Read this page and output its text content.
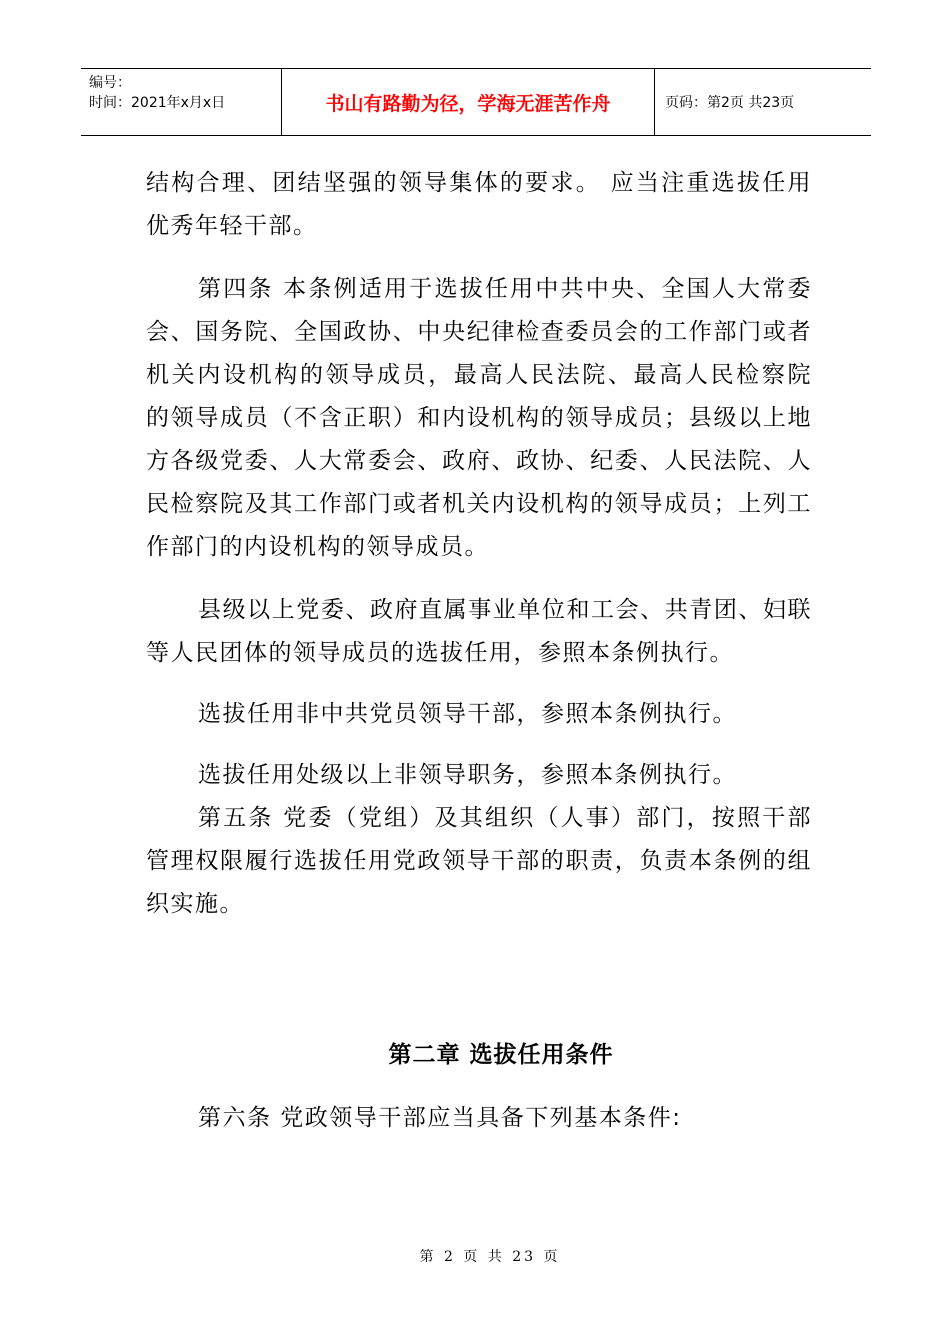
编号：
时间：2021年x月x日	书山有路勤为径，学海无涯苦作舟	页码：第2页 共23页

结构合理、团结坚强的领导集体的要求。 应当注重选拔任用优秀年轻干部。

第四条 本条例适用于选拔任用中共中央、全国人大常委会、国务院、全国政协、中央纪律检查委员会的工作部门或者机关内设机构的领导成员，最高人民法院、最高人民检察院 的领导成员（不含正职）和内设机构的领导成员；县级以上地方各级党委、人大常委会、政府、政协、纪委、人民法院、人民检察院及其工作部门或者机关内设机构的领导成员；上列工作部门的内设机构的领导成员。

县级以上党委、政府直属事业单位和工会、共青团、妇联等人民团体的领导成员的选拔任用，参照本条例执行。

选拔任用非中共党员领导干部，参照本条例执行。

选拔任用处级以上非领导职务，参照本条例执行。

第五条 党委（党组）及其组织（人事）部门，按照干部管理权限履行选拔任用党政领导干部的职责，负责本条例的组织实施。

第二章 选拔任用条件

第六条 党政领导干部应当具备下列基本条件:

第 2 页 共 23 页
